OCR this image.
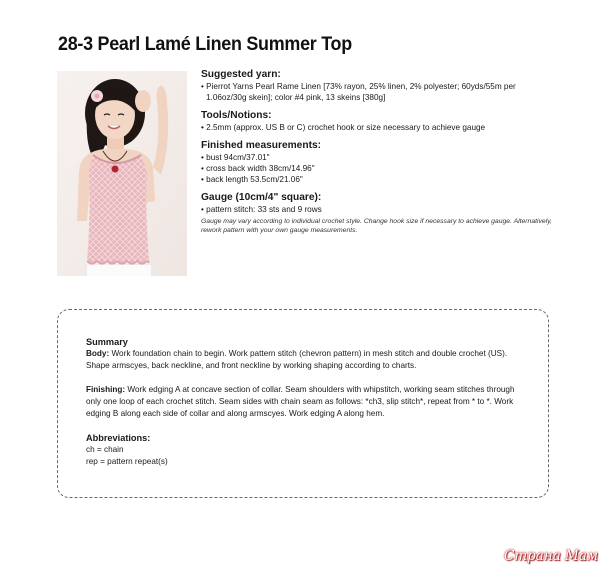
28-3 Pearl Lamé Linen Summer Top
Suggested yarn:
• Pierrot Yarns Pearl Rame Linen [73% rayon, 25% linen, 2% polyester; 60yds/55m per
1.06oz/30g skein]; color #4 pink, 13 skeins [380g]
Tools/Notions:
• 2.5mm (approx. US B or C) crochet hook or size necessary to achieve gauge
Finished measurements:
• bust 94cm/37.01"
• cross back width 38cm/14.96"
• back length 53.5cm/21.06"
Gauge (10cm/4" square):
• pattern stitch: 33 sts and 9 rows
Gauge may vary according to individual crochet style. Change hook size if necessary to achieve gauge. Alternatively, rework pattern with your own gauge measurements.
Summary
Body: Work foundation chain to begin. Work pattern stitch (chevron pattern) in mesh stitch and double crochet (US). Shape armscyes, back neckline, and front neckline by working shaping according to charts.
Finishing: Work edging A at concave section of collar. Seam shoulders with whipstitch, working seam stitches through only one loop of each crochet stitch. Seam sides with chain seam as follows: *ch3, slip stitch*, repeat from * to *. Work edging B along each side of collar and along armscyes. Work edging A along hem.
Abbreviations:
ch = chain
rep = pattern repeat(s)
Страна Мам
